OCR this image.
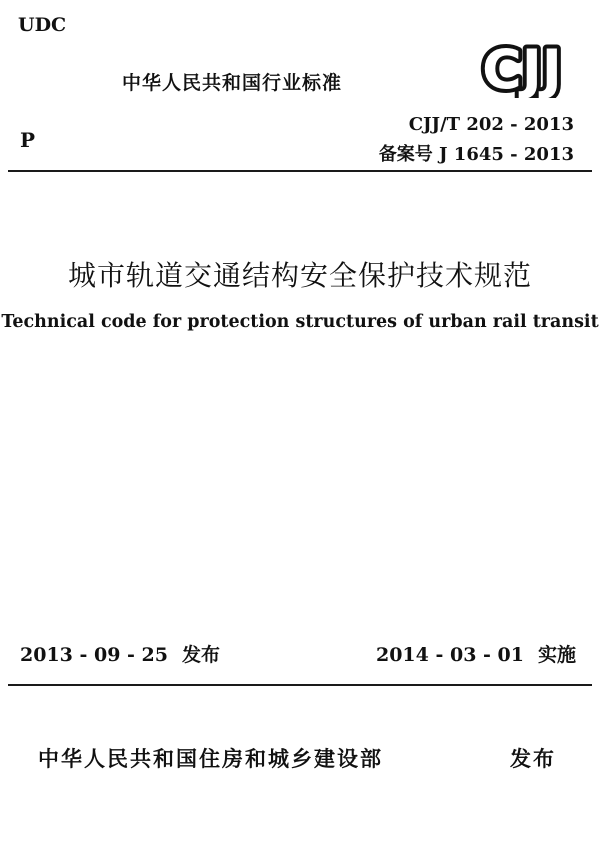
UDC
中华人民共和国行业标准	CJJ
P
CJJ/T 202 - 2013
备案号 J 1645 - 2013
城市轨道交通结构安全保护技术规范
Technical code for protection structures of urban rail transit
2013 - 09 - 25 发布	2014 - 03 - 01 实施
中华人民共和国住房和城乡建设部	发布
